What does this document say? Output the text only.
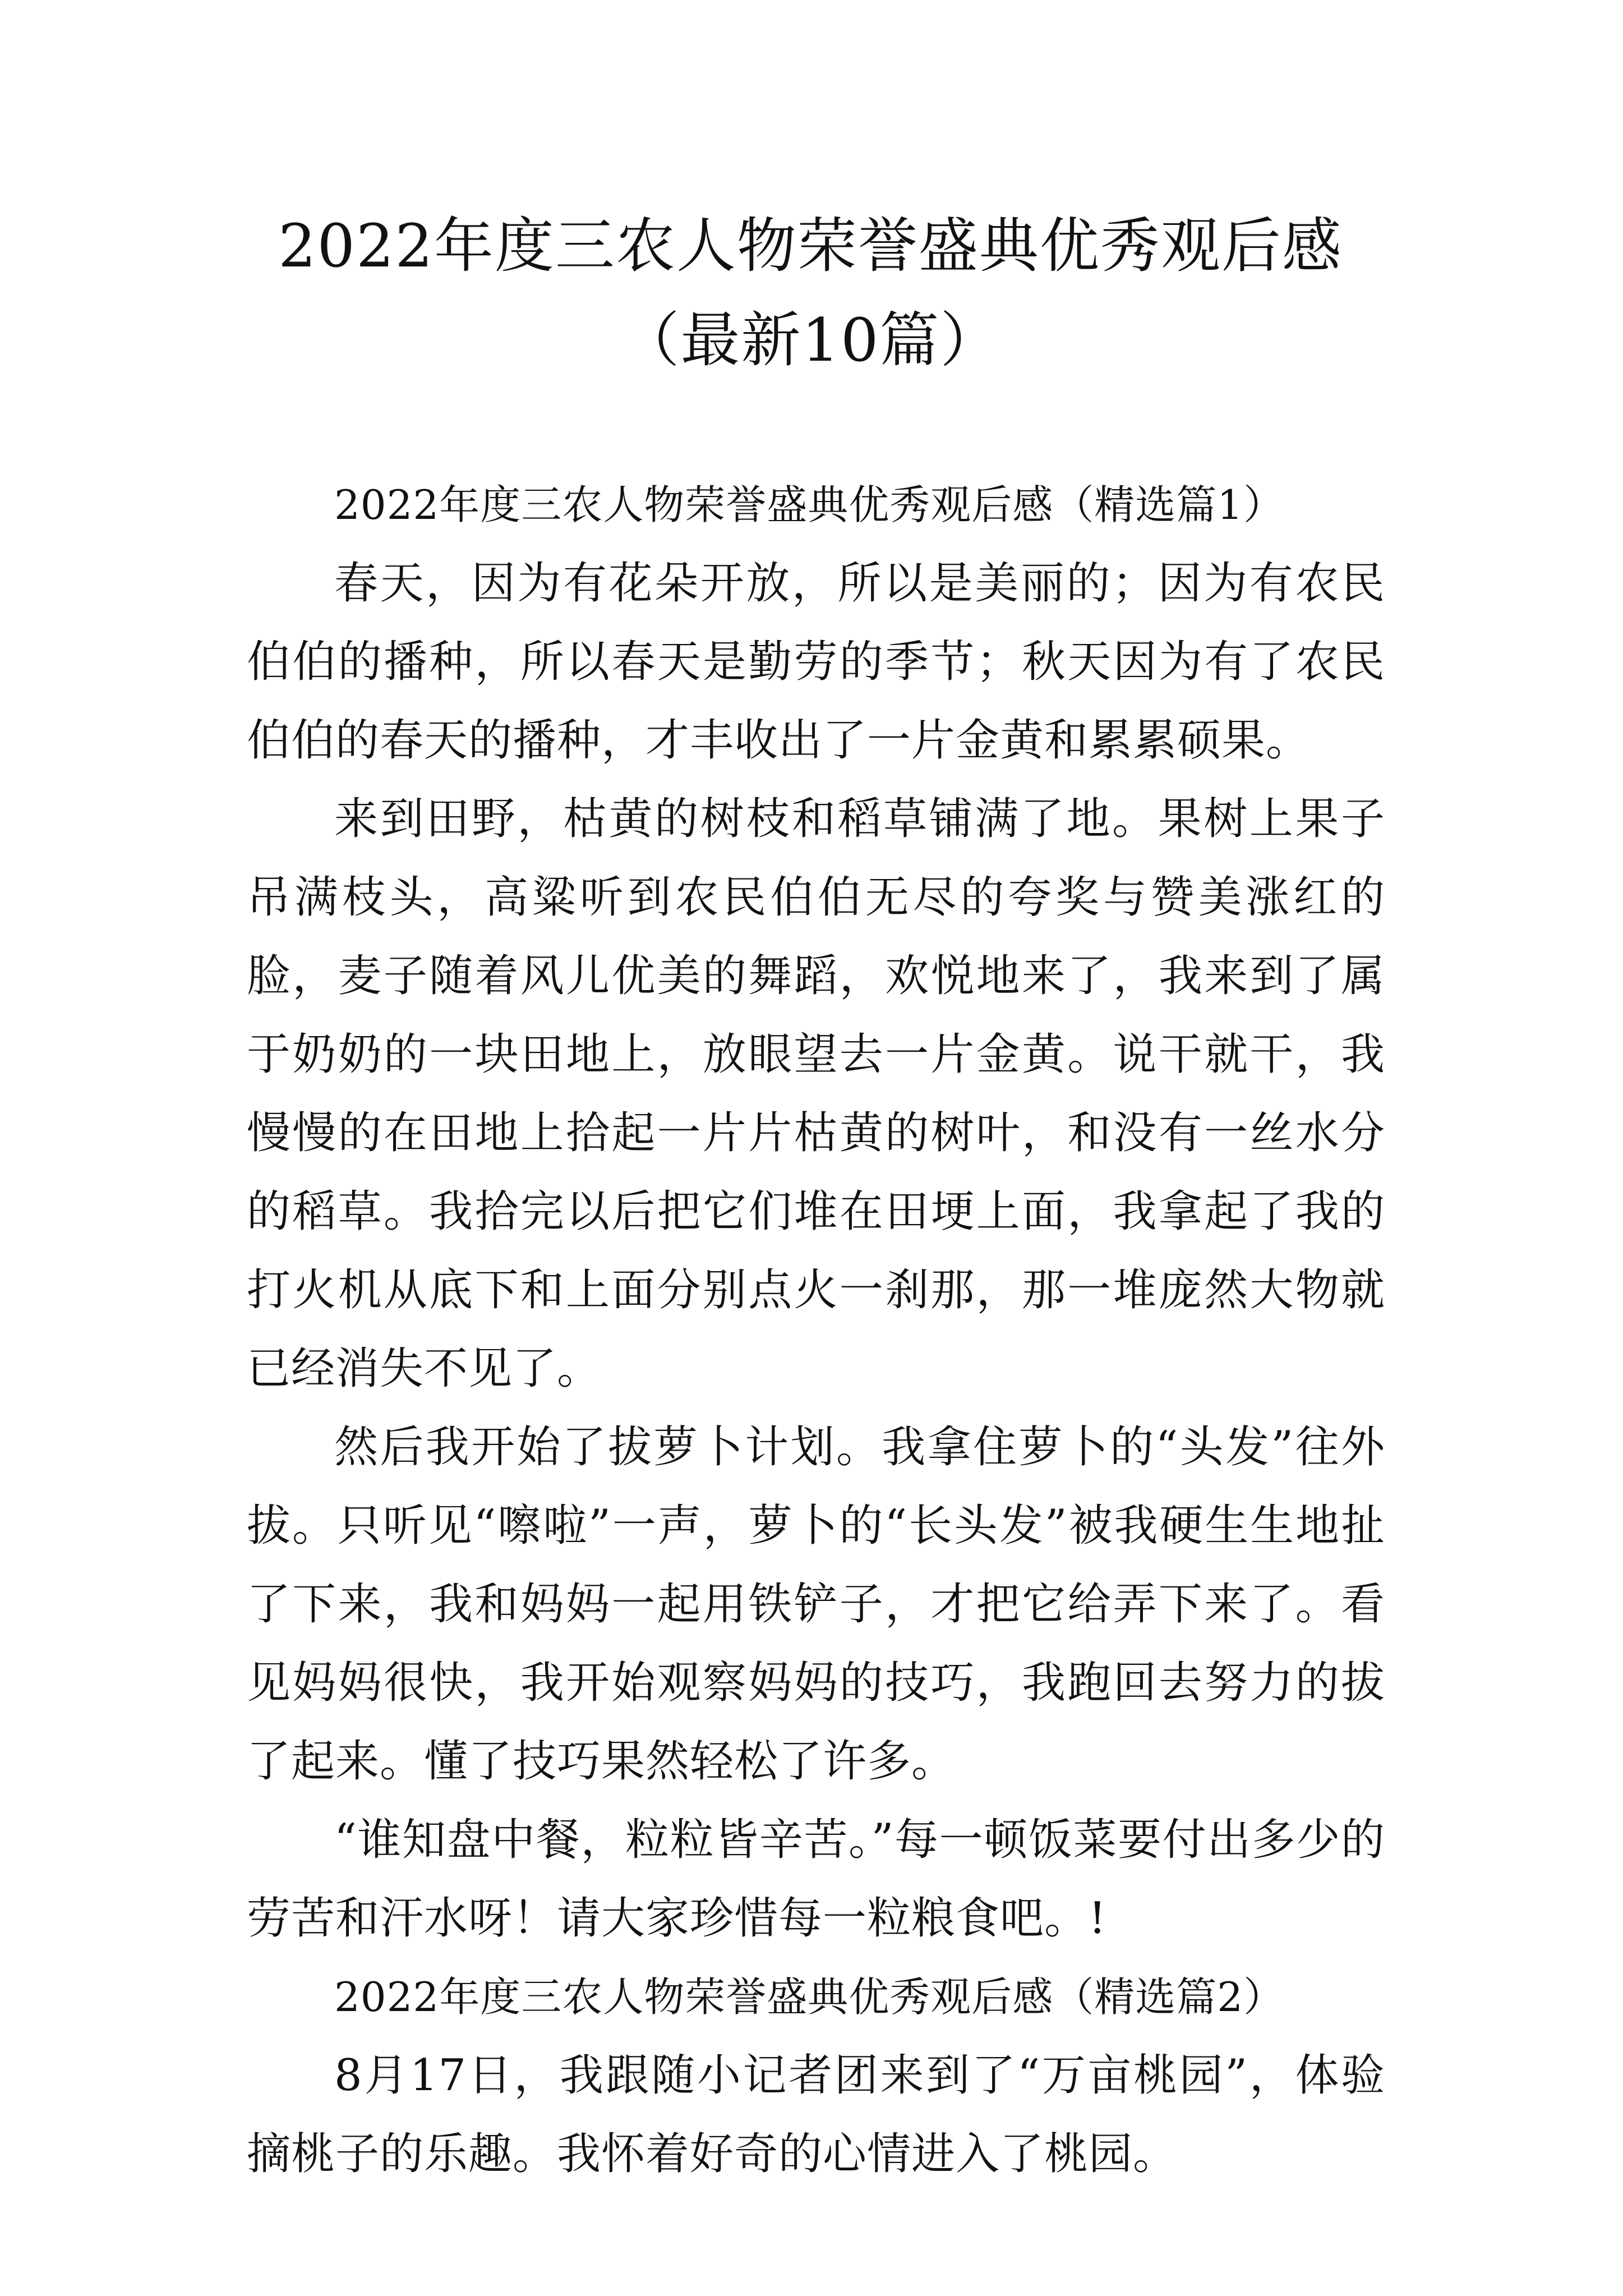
2022年度三农人物荣誉盛典优秀观后感（最新10篇）

2022年度三农人物荣誉盛典优秀观后感（精选篇1）

春天，因为有花朵开放，所以是美丽的；因为有农民伯伯的播种，所以春天是勤劳的季节；秋天因为有了农民伯伯的春天的播种，才丰收出了一片金黄和累累硕果。

来到田野，枯黄的树枝和稻草铺满了地。果树上果子吊满枝头，高粱听到农民伯伯无尽的夸奖与赞美涨红的脸，麦子随着风儿优美的舞蹈，欢悦地来了，我来到了属于奶奶的一块田地上，放眼望去一片金黄。说干就干，我慢慢的在田地上拾起一片片枯黄的树叶，和没有一丝水分的稻草。我拾完以后把它们堆在田埂上面，我拿起了我的打火机从底下和上面分别点火一刹那，那一堆庞然大物就已经消失不见了。

然后我开始了拔萝卜计划。我拿住萝卜的“头发”往外拔。只听见“嚓啦”一声，萝卜的“长头发”被我硬生生地扯了下来，我和妈妈一起用铁铲子，才把它给弄下来了。看见妈妈很快，我开始观察妈妈的技巧，我跑回去努力的拔了起来。懂了技巧果然轻松了许多。

“谁知盘中餐，粒粒皆辛苦。”每一顿饭菜要付出多少的劳苦和汗水呀！请大家珍惜每一粒粮食吧。!

2022年度三农人物荣誉盛典优秀观后感（精选篇2）

8月17日，我跟随小记者团来到了“万亩桃园”，体验摘桃子的乐趣。我怀着好奇的心情进入了桃园。
